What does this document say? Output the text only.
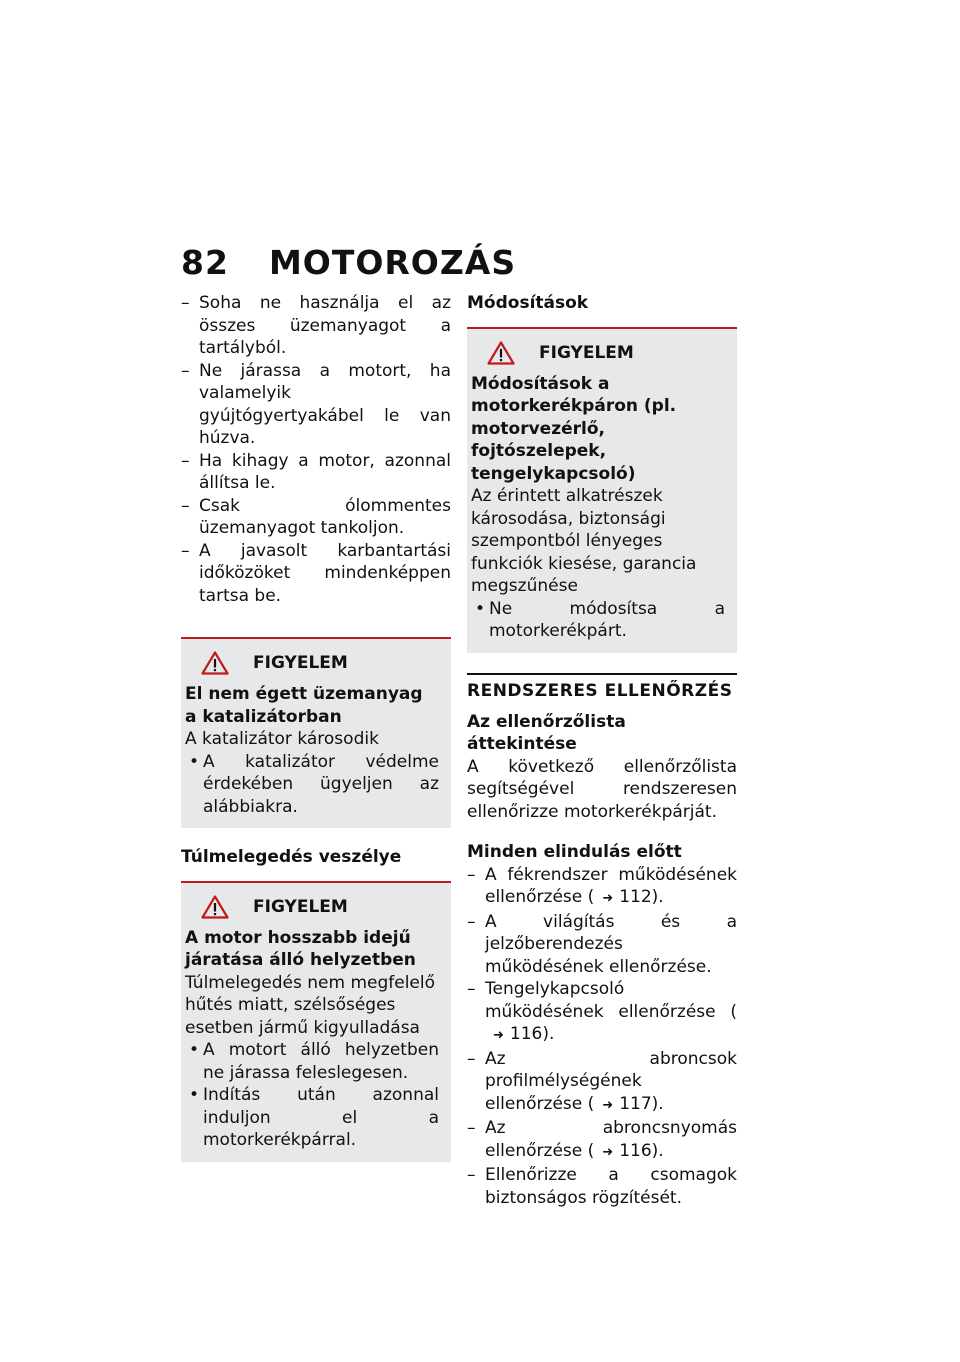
82 MOTOROZÁS
– Soha ne használja el az összes üzemanyagot a tartályból.
– Ne járassa a motort, ha valamelyik gyújtógyertyakábel le van húzva.
– Ha kihagy a motor, azonnal állítsa le.
– Csak ólommentes üzemanyagot tankoljon.
– A javasolt karbantartási időközöket mindenképpen tartsa be.
FIGYELEM
El nem égett üzemanyag a katalizátorban
A katalizátor károsodik
• A katalizátor védelme érdekében ügyeljen az alábbiakra.
Túlmelegedés veszélye
FIGYELEM
A motor hosszabb idejű járatása álló helyzetben
Túlmelegedés nem megfelelő hűtés miatt, szélsőséges esetben jármű kigyulladása
• A motort álló helyzetben ne járassa feleslegesen.
• Indítás után azonnal induljon el a motorkerékpárral.
Módosítások
FIGYELEM
Módosítások a motorkerékpáron (pl. motorvezérlő, fojtószelepek, tengelykapcsoló)
Az érintett alkatrészek károsodása, biztonsági szempontból lényeges funkciók kiesése, garancia megszűnése
• Ne módosítsa a motorkerékpárt.
RENDSZERES ELLENŐRZÉS
Az ellenőrzőlista áttekintése
A következő ellenőrzőlista segítségével rendszeresen ellenőrizze motorkerékpárját.
Minden elindulás előtt
– A fékrendszer működésének ellenőrzése ( ➜ 112).
– A világítás és a jelzőberendezés működésének ellenőrzése.
– Tengelykapcsoló működésének ellenőrzése (➜ 116).
– Az abroncsok profilmélységének ellenőrzése ( ➜ 117).
– Az abroncsnyomás ellenőrzése ( ➜ 116).
– Ellenőrizze a csomagok biztonságos rögzítését.
